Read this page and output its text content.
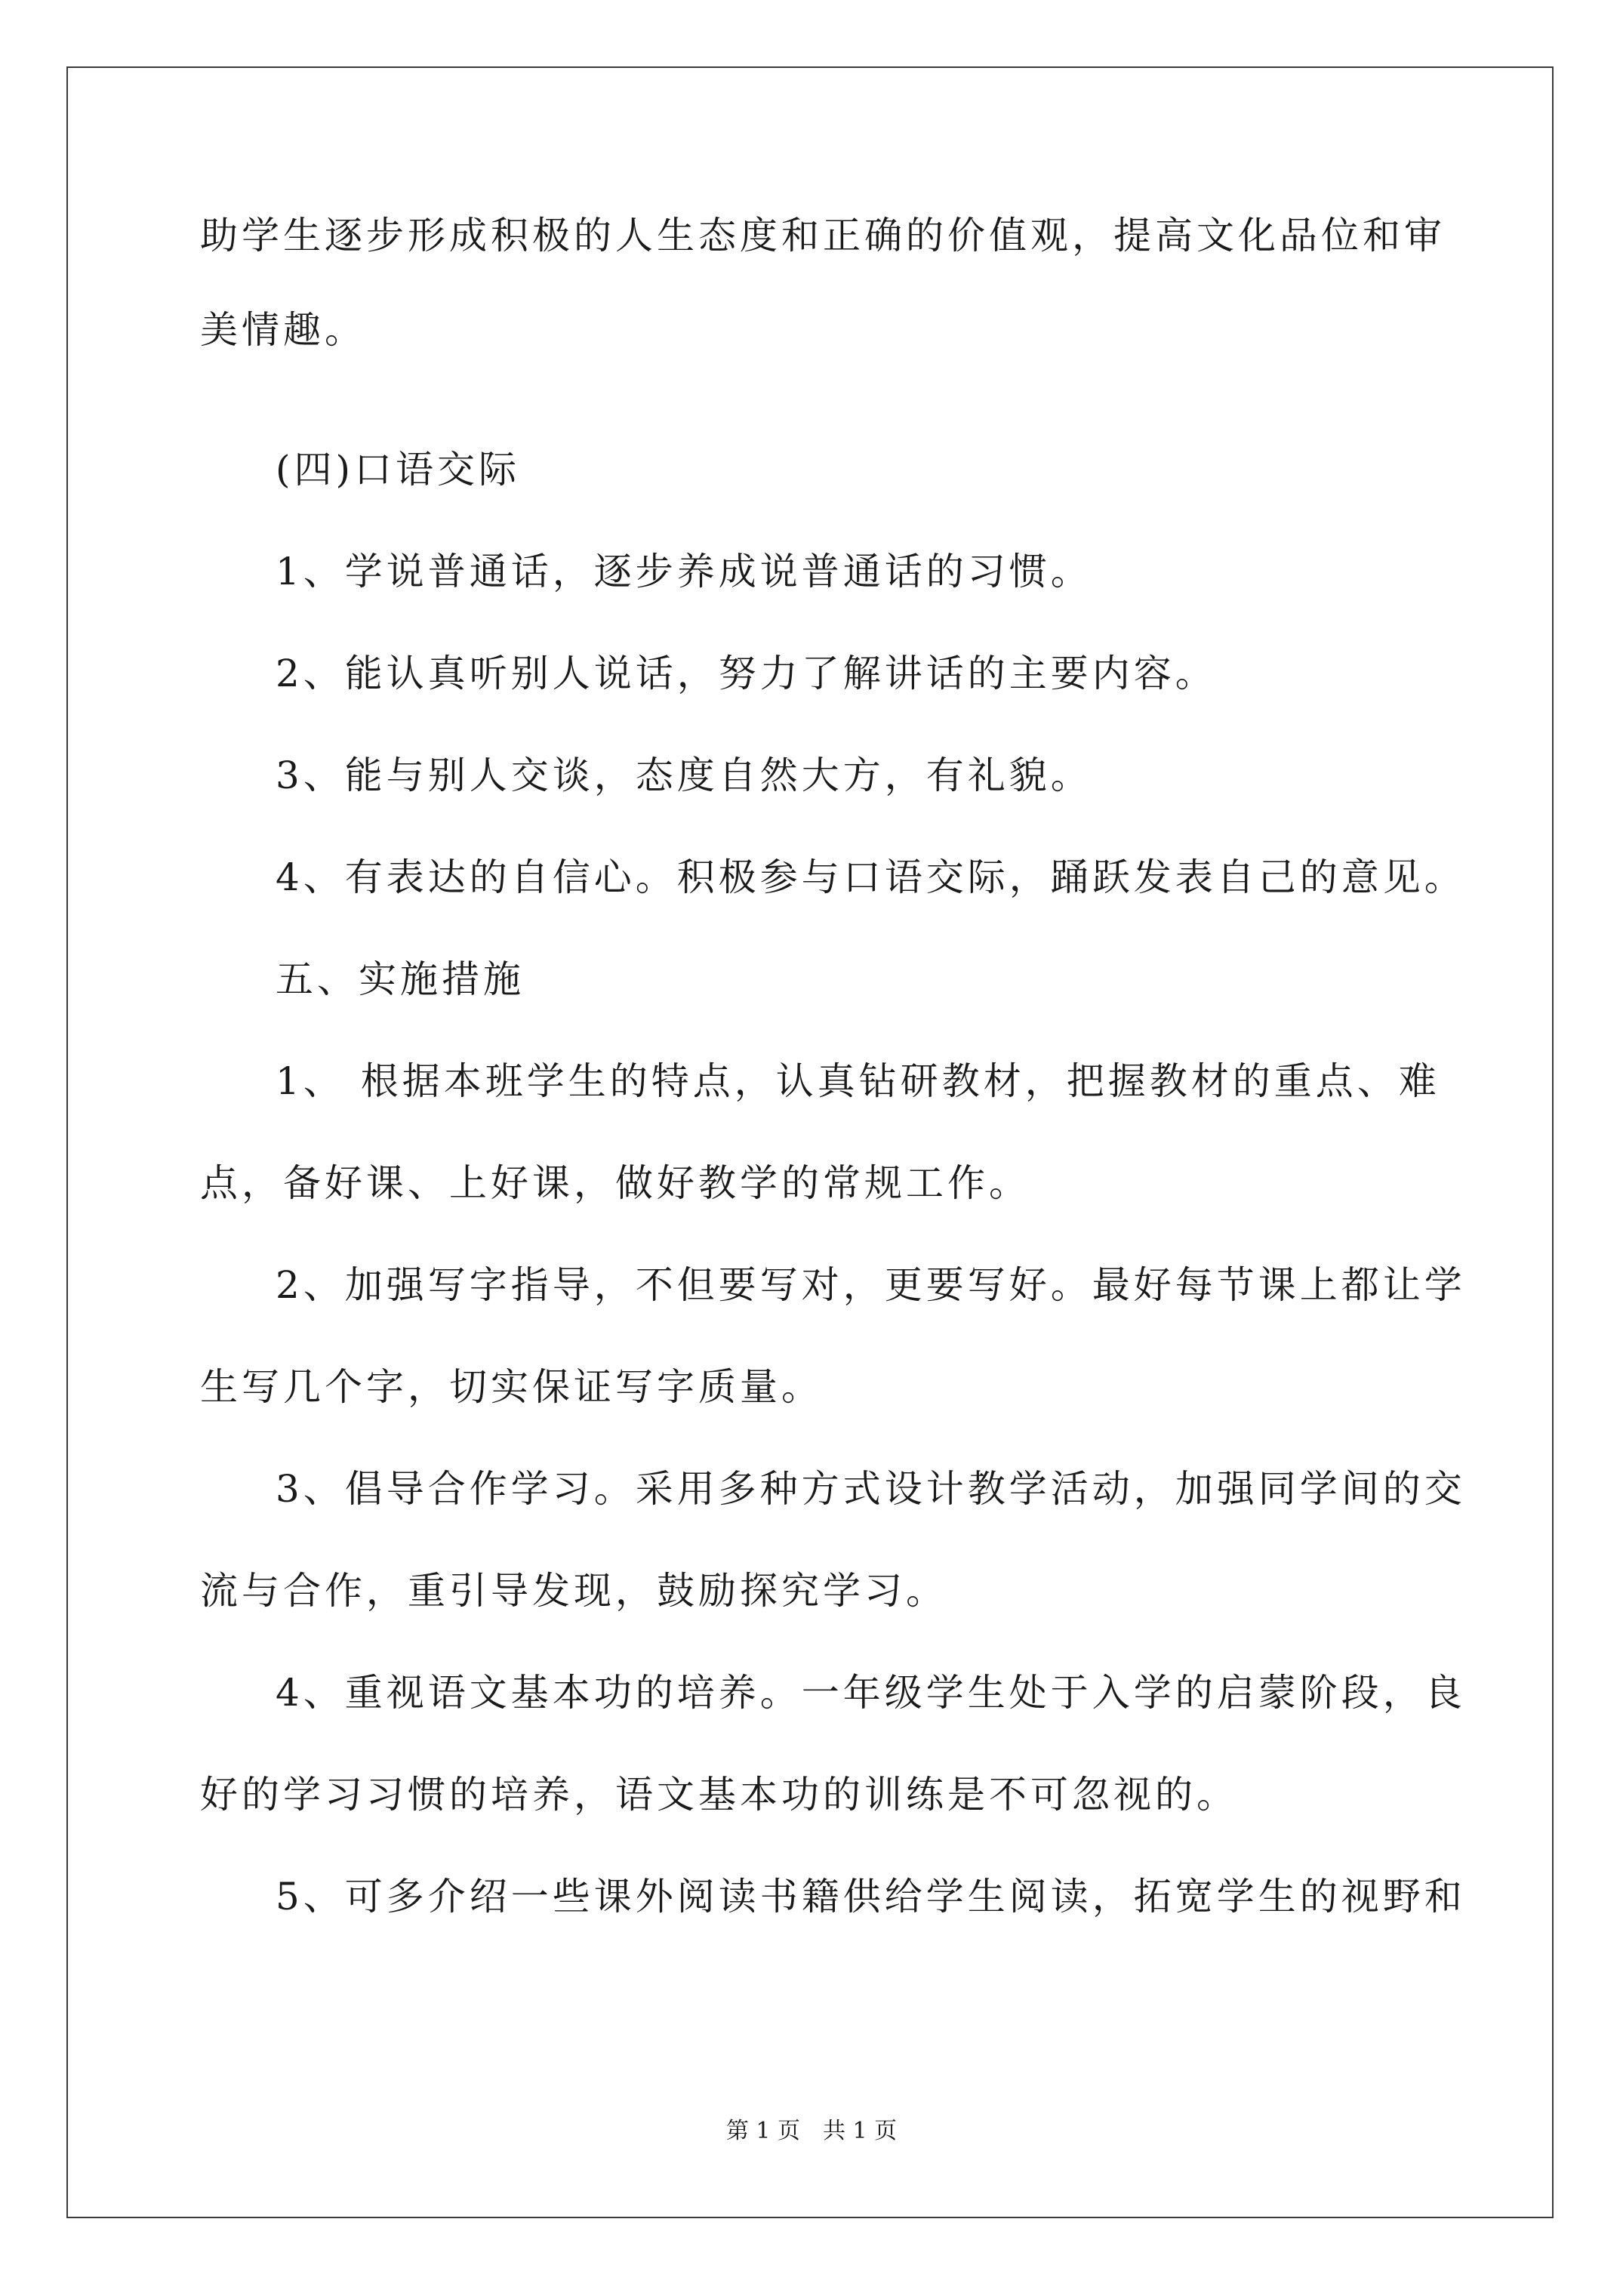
助学生逐步形成积极的人生态度和正确的价值观，提高文化品位和审
美情趣。
(四)口语交际
1、学说普通话，逐步养成说普通话的习惯。
2、能认真听别人说话，努力了解讲话的主要内容。
3、能与别人交谈，态度自然大方，有礼貌。
4、有表达的自信心。积极参与口语交际，踊跃发表自己的意见。
五、实施措施
1、 根据本班学生的特点，认真钻研教材，把握教材的重点、难
点，备好课、上好课，做好教学的常规工作。
2、加强写字指导，不但要写对，更要写好。最好每节课上都让学
生写几个字，切实保证写字质量。
3、倡导合作学习。采用多种方式设计教学活动，加强同学间的交
流与合作，重引导发现，鼓励探究学习。
4、重视语文基本功的培养。一年级学生处于入学的启蒙阶段，良
好的学习习惯的培养，语文基本功的训练是不可忽视的。
5、可多介绍一些课外阅读书籍供给学生阅读，拓宽学生的视野和
第 1 页　共 1 页
